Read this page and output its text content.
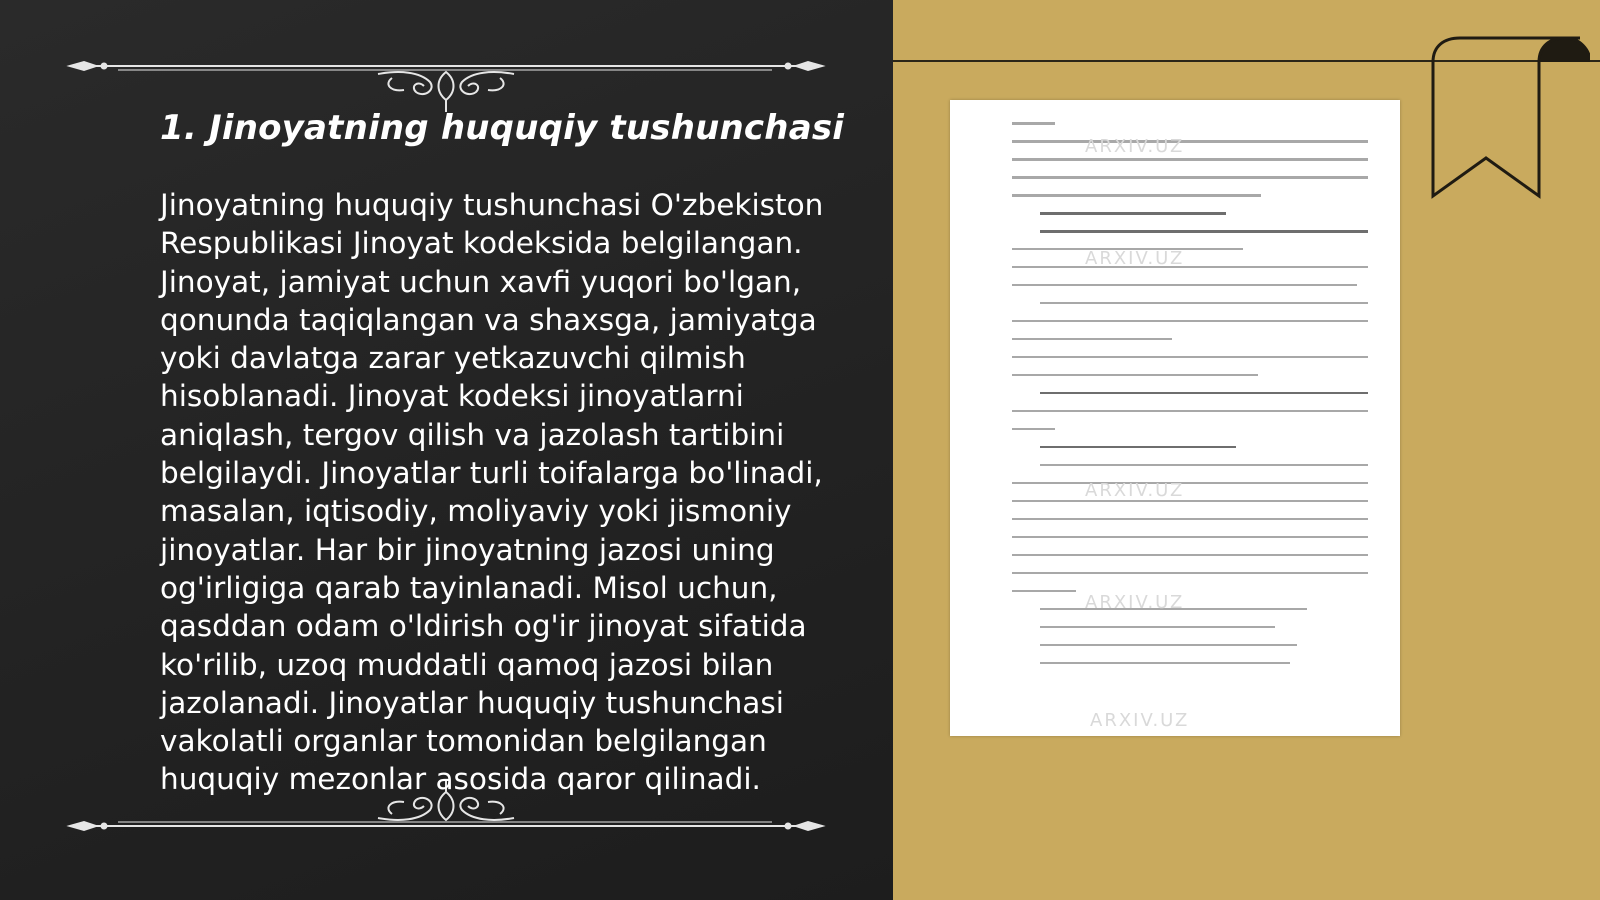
1. Jinoyatning huquqiy tushunchasi

Jinoyatning huquqiy tushunchasi O'zbekiston Respublikasi Jinoyat kodeksida belgilangan. Jinoyat, jamiyat uchun xavfi yuqori bo'lgan, qonunda taqiqlangan va shaxsga, jamiyatga yoki davlatga zarar yetkazuvchi qilmish hisoblanadi. Jinoyat kodeksi jinoyatlarni aniqlash, tergov qilish va jazolash tartibini belgilaydi. Jinoyatlar turli toifalarga bo'linadi, masalan, iqtisodiy, moliyaviy yoki jismoniy jinoyatlar. Har bir jinoyatning jazosi uning og'irligiga qarab tayinlanadi. Misol uchun, qasddan odam o'ldirish og'ir jinoyat sifatida ko'rilib, uzoq muddatli qamoq jazosi bilan jazolanadi. Jinoyatlar huquqiy tushunchasi vakolatli organlar tomonidan belgilangan huquqiy mezonlar asosida qaror qilinadi.

ARXIV.UZ
ARXIV.UZ
ARXIV.UZ
ARXIV.UZ
ARXIV.UZ
